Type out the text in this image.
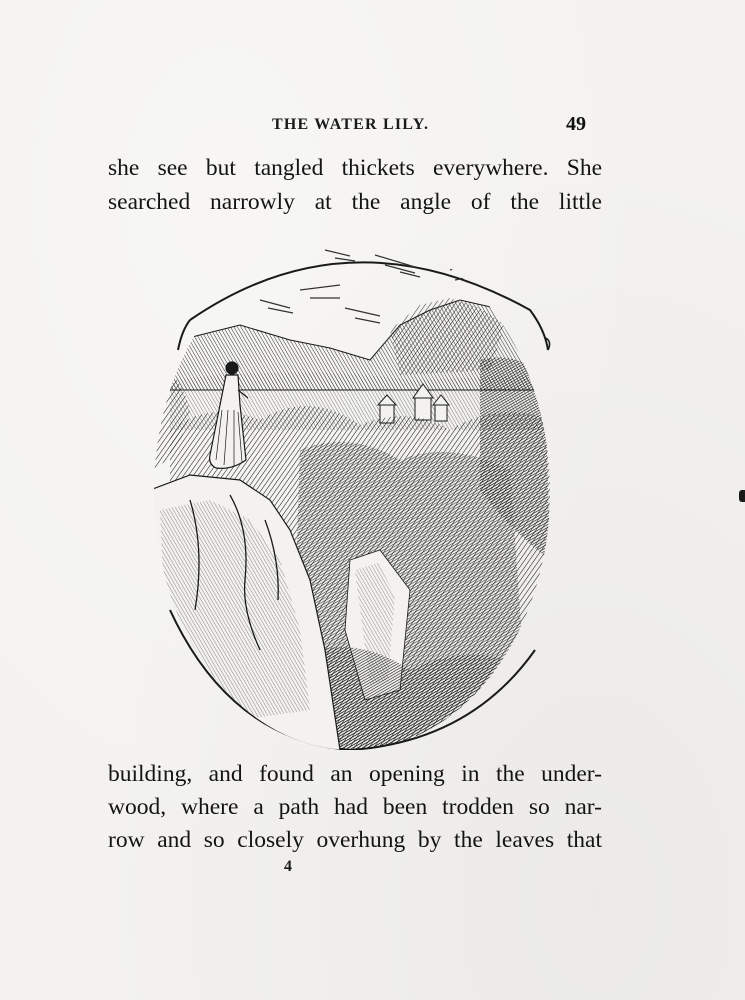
THE WATER LILY.	49
she see but tangled thickets everywhere. She
searched narrowly at the angle of the little
building, and found an opening in the under-
wood, where a path had been trodden so nar-
row and so closely overhung by the leaves that
4
